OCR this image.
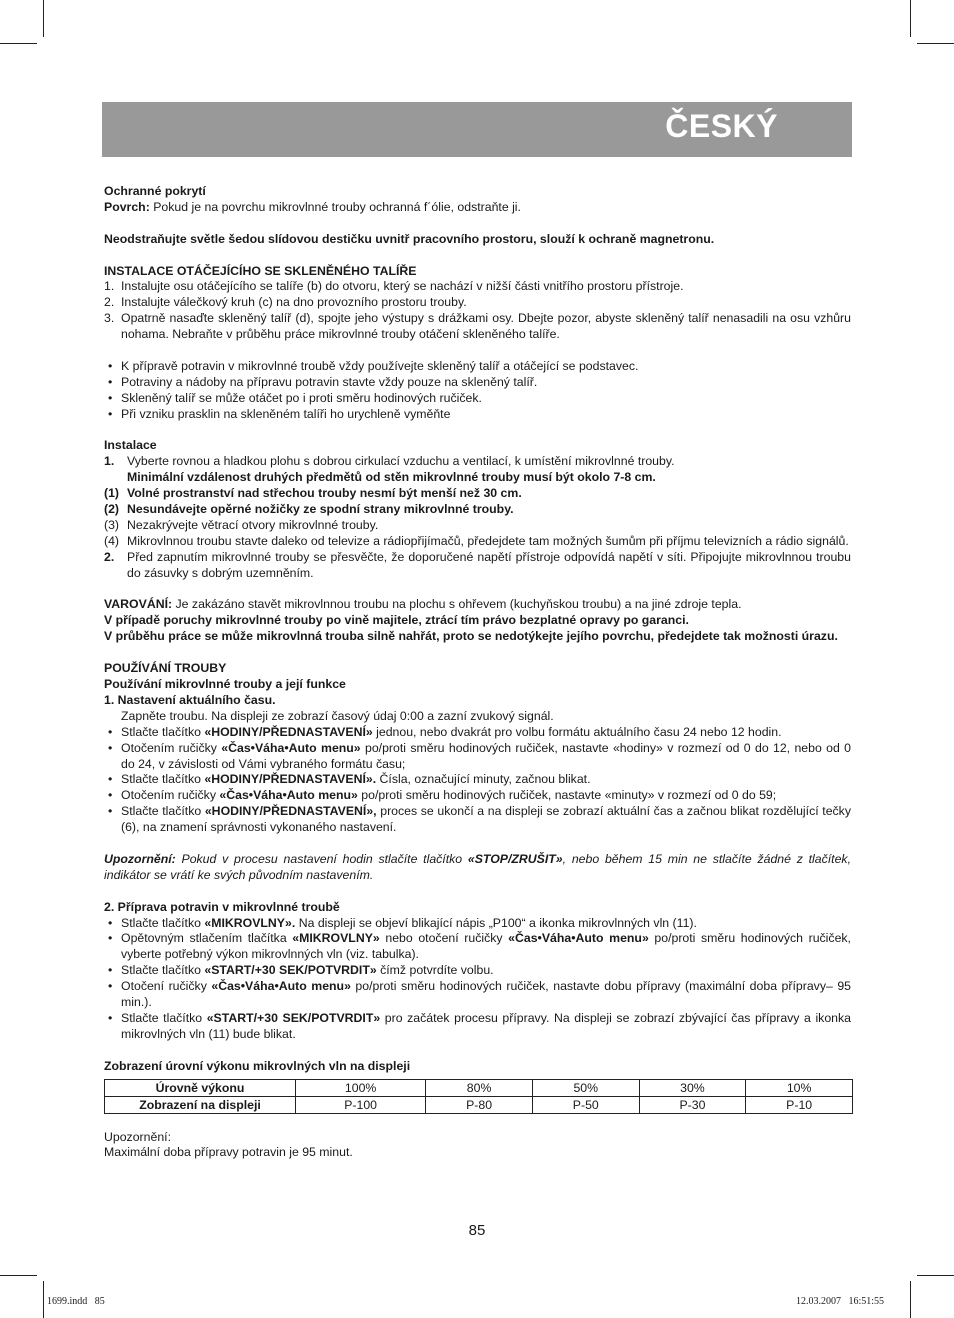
ČESKÝ

Ochranné pokrytí

Povrch: Pokud je na povrchu mikrovlnné trouby ochranná f´ólie, odstraňte ji.

Neodstraňujte světle šedou slídovou destičku uvnitř pracovního prostoru, slouží k ochraně magnetronu.

INSTALACE OTÁČEJÍCÍHO SE SKLENĚNÉHO TALÍŘE

1. Instalujte osu otáčejícího se talíře (b) do otvoru, který se nachází v nižší části vnitřího prostoru přístroje.
2. Instalujte válečkový kruh (c) na dno provozního prostoru trouby.
3. Opatrně nasaďte skleněný talíř (d), spojte jeho výstupy s drážkami osy. Dbejte pozor, abyste skleněný talíř nenasadili na osu vzhůru nohama. Nebraňte v průběhu práce mikrovlnné trouby otáčení skleněného talíře.
• K přípravě potravin v mikrovlnné troubě vždy používejte skleněný talíř a otáčející se podstavec.
• Potraviny a nádoby na přípravu potravin stavte vždy pouze na skleněný talíř.
• Skleněný talíř se může otáčet po i proti směru hodinových ručiček.
• Při vzniku prasklin na skleněném talíři ho urychleně vyměňte

Instalace

1.	Vyberte rovnou a hladkou plohu s dobrou cirkulací vzduchu a ventilací, k umístění mikrovlnné trouby.
Minimální vzdálenost druhých předmětů od stěn mikrovlnné trouby musí být okolo 7-8 cm.
(1) Volné prostranství nad střechou trouby nesmí být menší než 30 cm.
(2) Nesundávejte opěrné nožičky ze spodní strany mikrovlnné trouby.
(3) Nezakrývejte větrací otvory mikrovlnné trouby.
(4) Mikrovlnnou troubu stavte daleko od televize a rádiopřijímačů, předejdete tam možných šumům při příjmu televizních a rádio signálů.
2.	Před zapnutím mikrovlnné trouby se přesvěčte, že doporučené napětí přístroje odpovídá napětí v síti. Připojujte mikrovlnnou troubu do zásuvky s dobrým uzemněním.

VAROVÁNÍ: Je zakázáno stavět mikrovlnnou troubu na plochu s ohřevem (kuchyňskou troubu) a na jiné zdroje tepla.

V případě poruchy mikrovlnné trouby po vině majitele, ztrácí tím právo bezplatné opravy po garanci.

V průběhu práce se může mikrovlnná trouba silně nahřát, proto se nedotýkejte jejího povrchu, předejdete tak možnosti úrazu.

POUŽÍVÁNÍ TROUBY

Používání mikrovlnné trouby a její funkce

1. Nastavení aktuálního času.

Zapněte troubu. Na displeji ze zobrazí časový údaj 0:00 a zazní zvukový signál.

• Stlačte tlačítko «HODINY/PŘEDNASTAVENÍ» jednou, nebo dvakrát pro volbu formátu aktuálního času 24 nebo 12 hodin.
• Otočením ručičky «Čas•Váha•Auto menu» po/proti směru hodinových ručiček, nastavte «hodiny» v rozmezí od 0 do 12, nebo od 0 do 24, v závislosti od Vámi vybraného formátu času;
• Stlačte tlačítko «HODINY/PŘEDNASTAVENÍ». Čísla, označující minuty, začnou blikat.
• Otočením ručičky «Čas•Váha•Auto menu» po/proti směru hodinových ručiček, nastavte «minuty» v rozmezí od 0 do 59;
• Stlačte tlačítko «HODINY/PŘEDNASTAVENÍ», proces se ukončí a na displeji se zobrazí aktuální čas a začnou blikat rozdělující tečky (6), na znamení správnosti vykonaného nastavení.

Upozornění: Pokud v procesu nastavení hodin stlačíte tlačítko «STOP/ZRUŠIT», nebo během 15 min ne stlačíte žádné z tlačítek, indikátor se vrátí ke svých původním nastavením.

2. Příprava potravin v mikrovlnné troubě

• Stlačte tlačítko «MIKROVLNY». Na displeji se objeví blikající nápis „P100“ a ikonka mikrovlnných vln (11).
• Opětovným stlačením tlačítka «MIKROVLNY» nebo otočení ručičky «Čas•Váha•Auto menu» po/proti směru hodinových ručiček, vyberte potřebný výkon mikrovlnných vln (viz. tabulka).
• Stlačte tlačítko «START/+30 SEK/POTVRDIT» čímž potvrdíte volbu.
• Otočení ručičky «Čas•Váha•Auto menu» po/proti směru hodinových ručiček, nastavte dobu přípravy (maximální doba přípravy– 95 min.).
• Stlačte tlačítko «START/+30 SEK/POTVRDIT» pro začátek procesu přípravy. Na displeji se zobrazí zbývající čas přípravy a ikonka mikrovlných vln (11) bude blikat.

Zobrazení úrovní výkonu mikrovlných vln na displeji

Úrovně výkonu	100%	80%	50%	30%	10%
Zobrazení na displeji	P-100	P-80	P-50	P-30	P-10

Upozornění:

Maximální doba přípravy potravin je 95 minut.

85
1699.indd   85	12.03.2007   16:51:55
